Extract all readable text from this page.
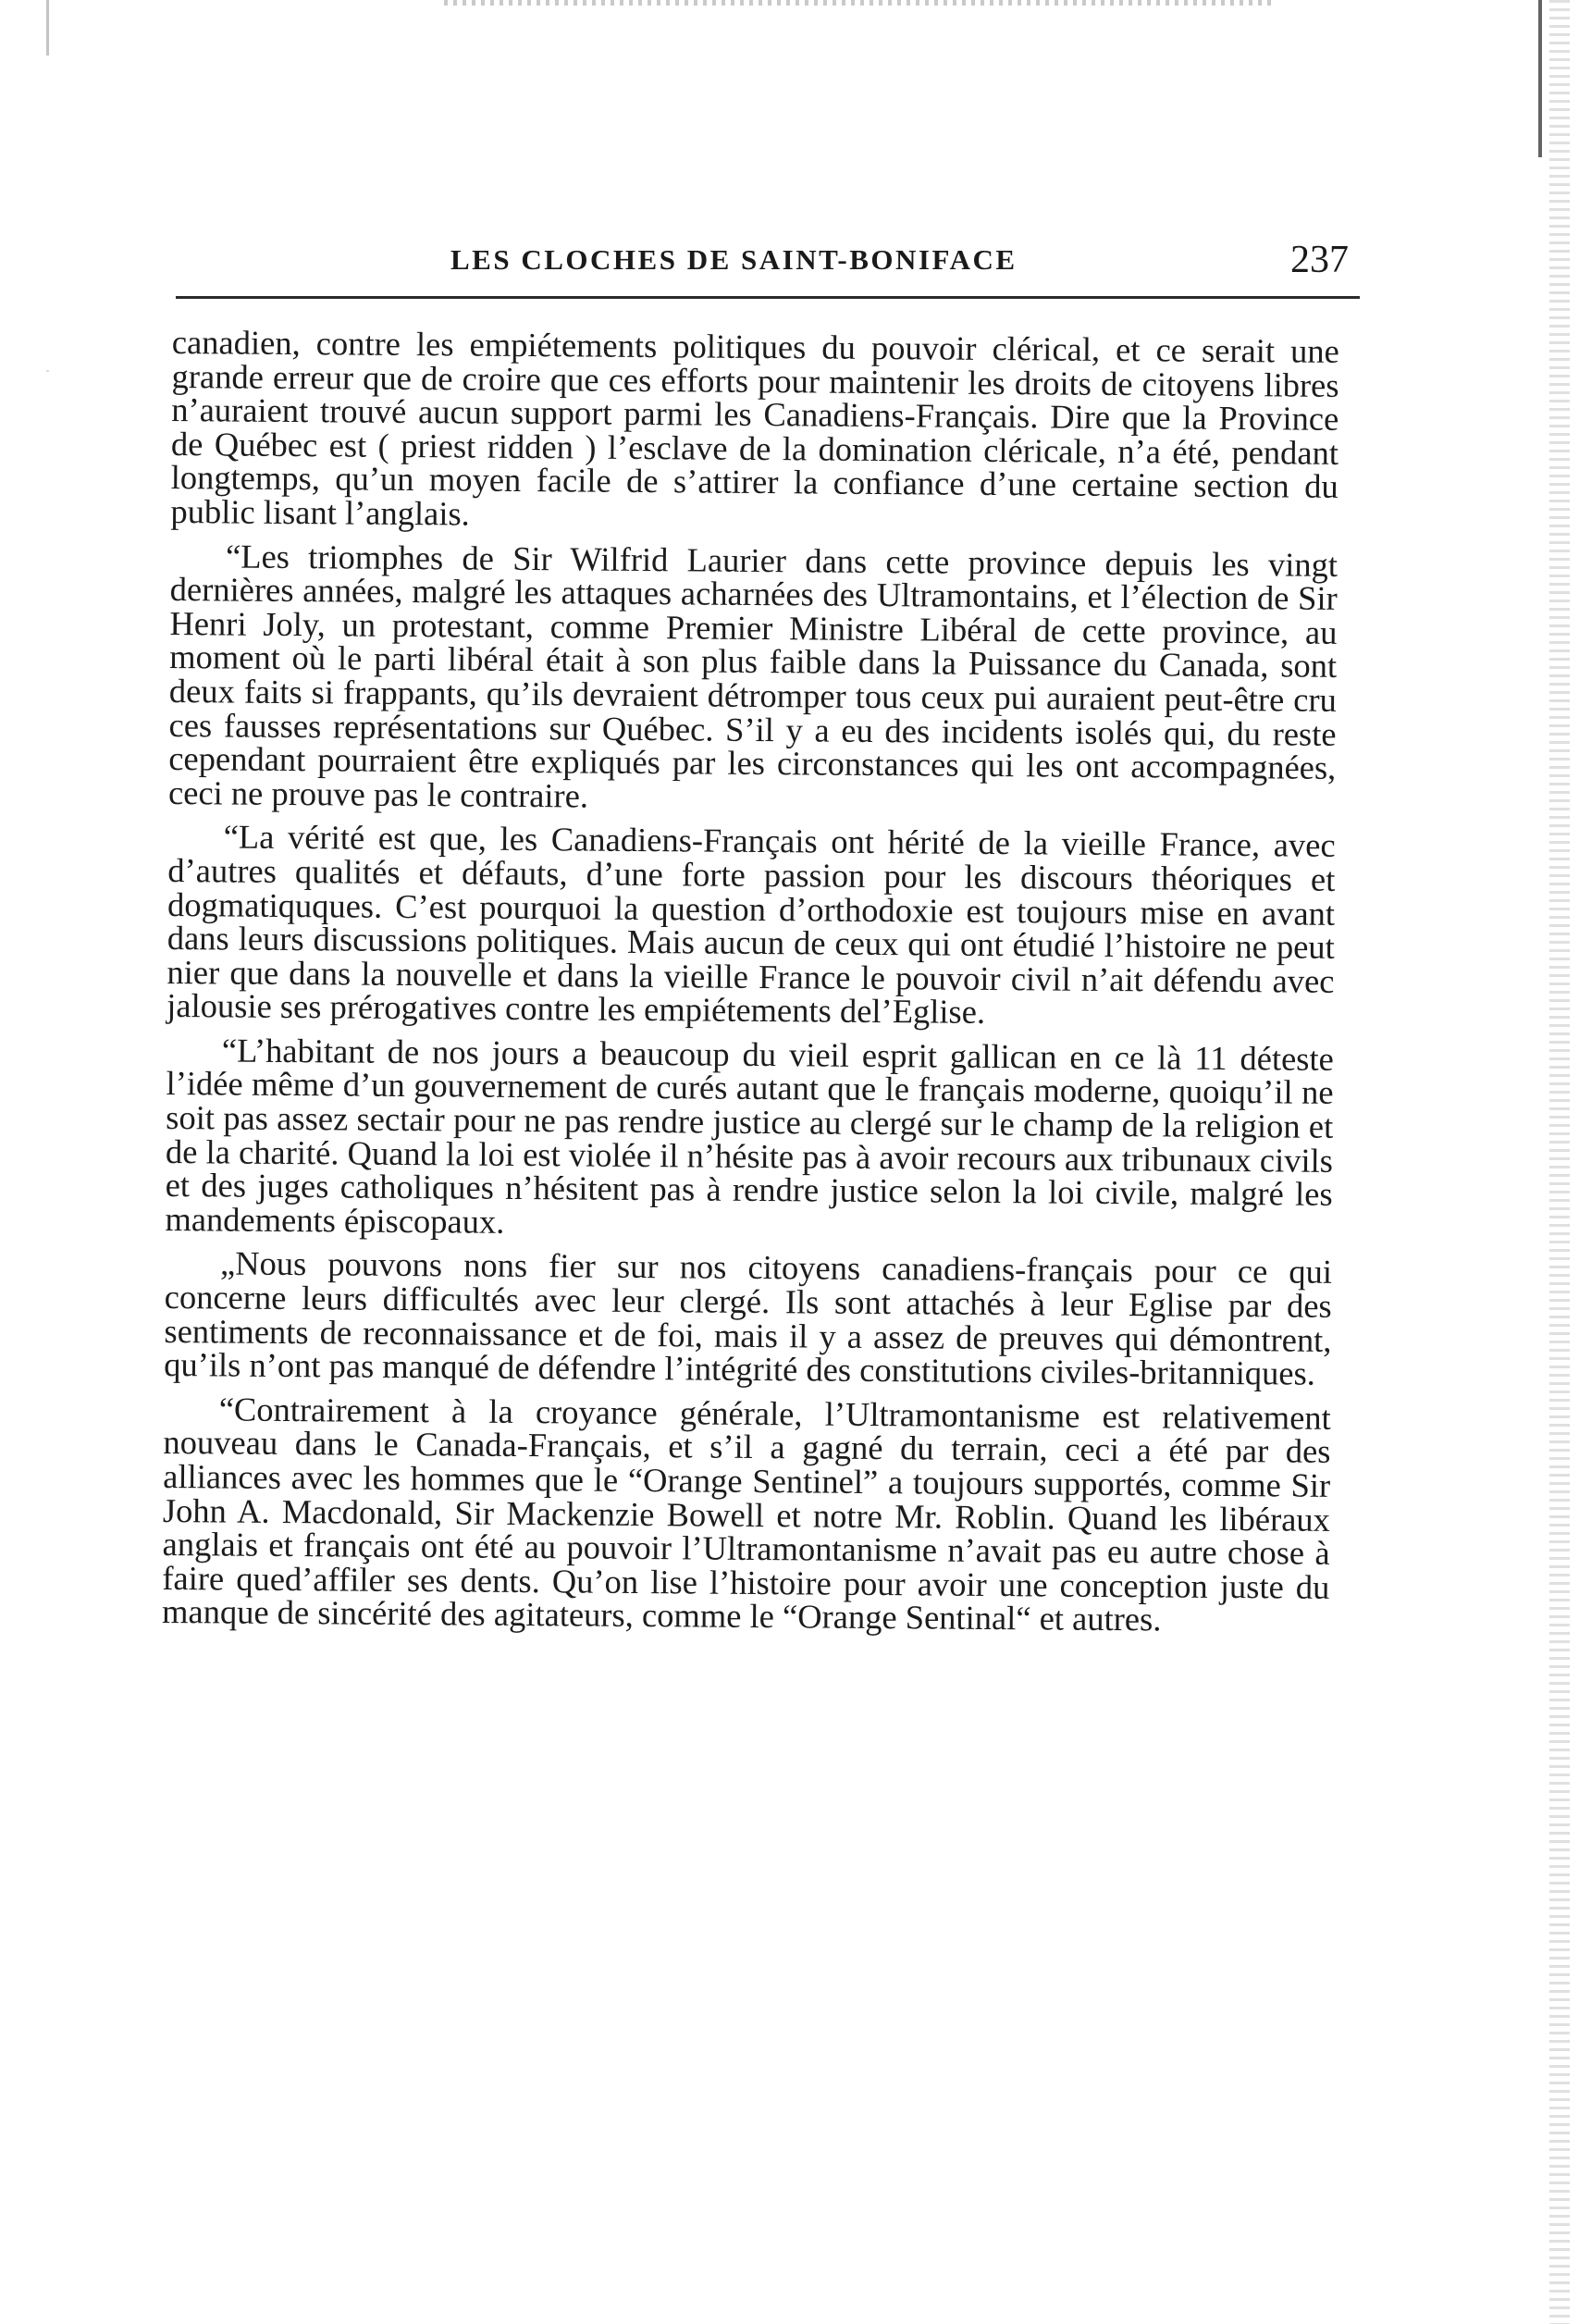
LES CLOCHES DE SAINT-BONIFACE	237

canadien, contre les empiétements politiques du pouvoir clérical, et ce serait une grande erreur que de croire que ces efforts pour maintenir les droits de citoyens libres n’auraient trouvé aucun support parmi les Canadiens-Français. Dire que la Province de Québec est ( priest ridden ) l’esclave de la domination cléricale, n’a été, pendant longtemps, qu’un moyen facile de s’attirer la confiance d’une certaine section du public lisant l’anglais.

“Les triomphes de Sir Wilfrid Laurier dans cette province depuis les vingt dernières années, malgré les attaques acharnées des Ultramontains, et l’élection de Sir Henri Joly, un protestant, comme Premier Ministre Libéral de cette province, au moment où le parti libéral était à son plus faible dans la Puissance du Canada, sont deux faits si frappants, qu’ils devraient détromper tous ceux pui auraient peut-être cru ces fausses représentations sur Québec. S’il y a eu des incidents isolés qui, du reste cependant pourraient être expliqués par les circonstances qui les ont accompagnées, ceci ne prouve pas le contraire.

“La vérité est que, les Canadiens-Français ont hérité de la vieille France, avec d’autres qualités et défauts, d’une forte passion pour les discours théoriques et dogmatiquques. C’est pourquoi la question d’orthodoxie est toujours mise en avant dans leurs discussions politiques. Mais aucun de ceux qui ont étudié l’histoire ne peut nier que dans la nouvelle et dans la vieille France le pouvoir civil n’ait défendu avec jalousie ses prérogatives contre les empiétements del’Eglise.

“L’habitant de nos jours a beaucoup du vieil esprit gallican en ce là 11 déteste l’idée même d’un gouvernement de curés autant que le français moderne, quoiqu’il ne soit pas assez sectair pour ne pas rendre justice au clergé sur le champ de la religion et de la charité. Quand la loi est violée il n’hésite pas à avoir recours aux tribunaux civils et des juges catholiques n’hésitent pas à rendre justice selon la loi civile, malgré les mandements épiscopaux.

„Nous pouvons nons fier sur nos citoyens canadiens-français pour ce qui concerne leurs difficultés avec leur clergé. Ils sont attachés à leur Eglise par des sentiments de reconnaissance et de foi, mais il y a assez de preuves qui démontrent, qu’ils n’ont pas manqué de défendre l’intégrité des constitutions civiles-britanniques.

“Contrairement à la croyance générale, l’Ultramontanisme est relativement nouveau dans le Canada-Français, et s’il a gagné du terrain, ceci a été par des alliances avec les hommes que le “Orange Sentinel” a toujours supportés, comme Sir John A. Macdonald, Sir Mackenzie Bowell et notre Mr. Roblin. Quand les libéraux anglais et français ont été au pouvoir l’Ultramontanisme n’avait pas eu autre chose à faire qued’affiler ses dents. Qu’on lise l’histoire pour avoir une conception juste du manque de sincérité des agitateurs, comme le “Orange Sentinal“ et autres.
